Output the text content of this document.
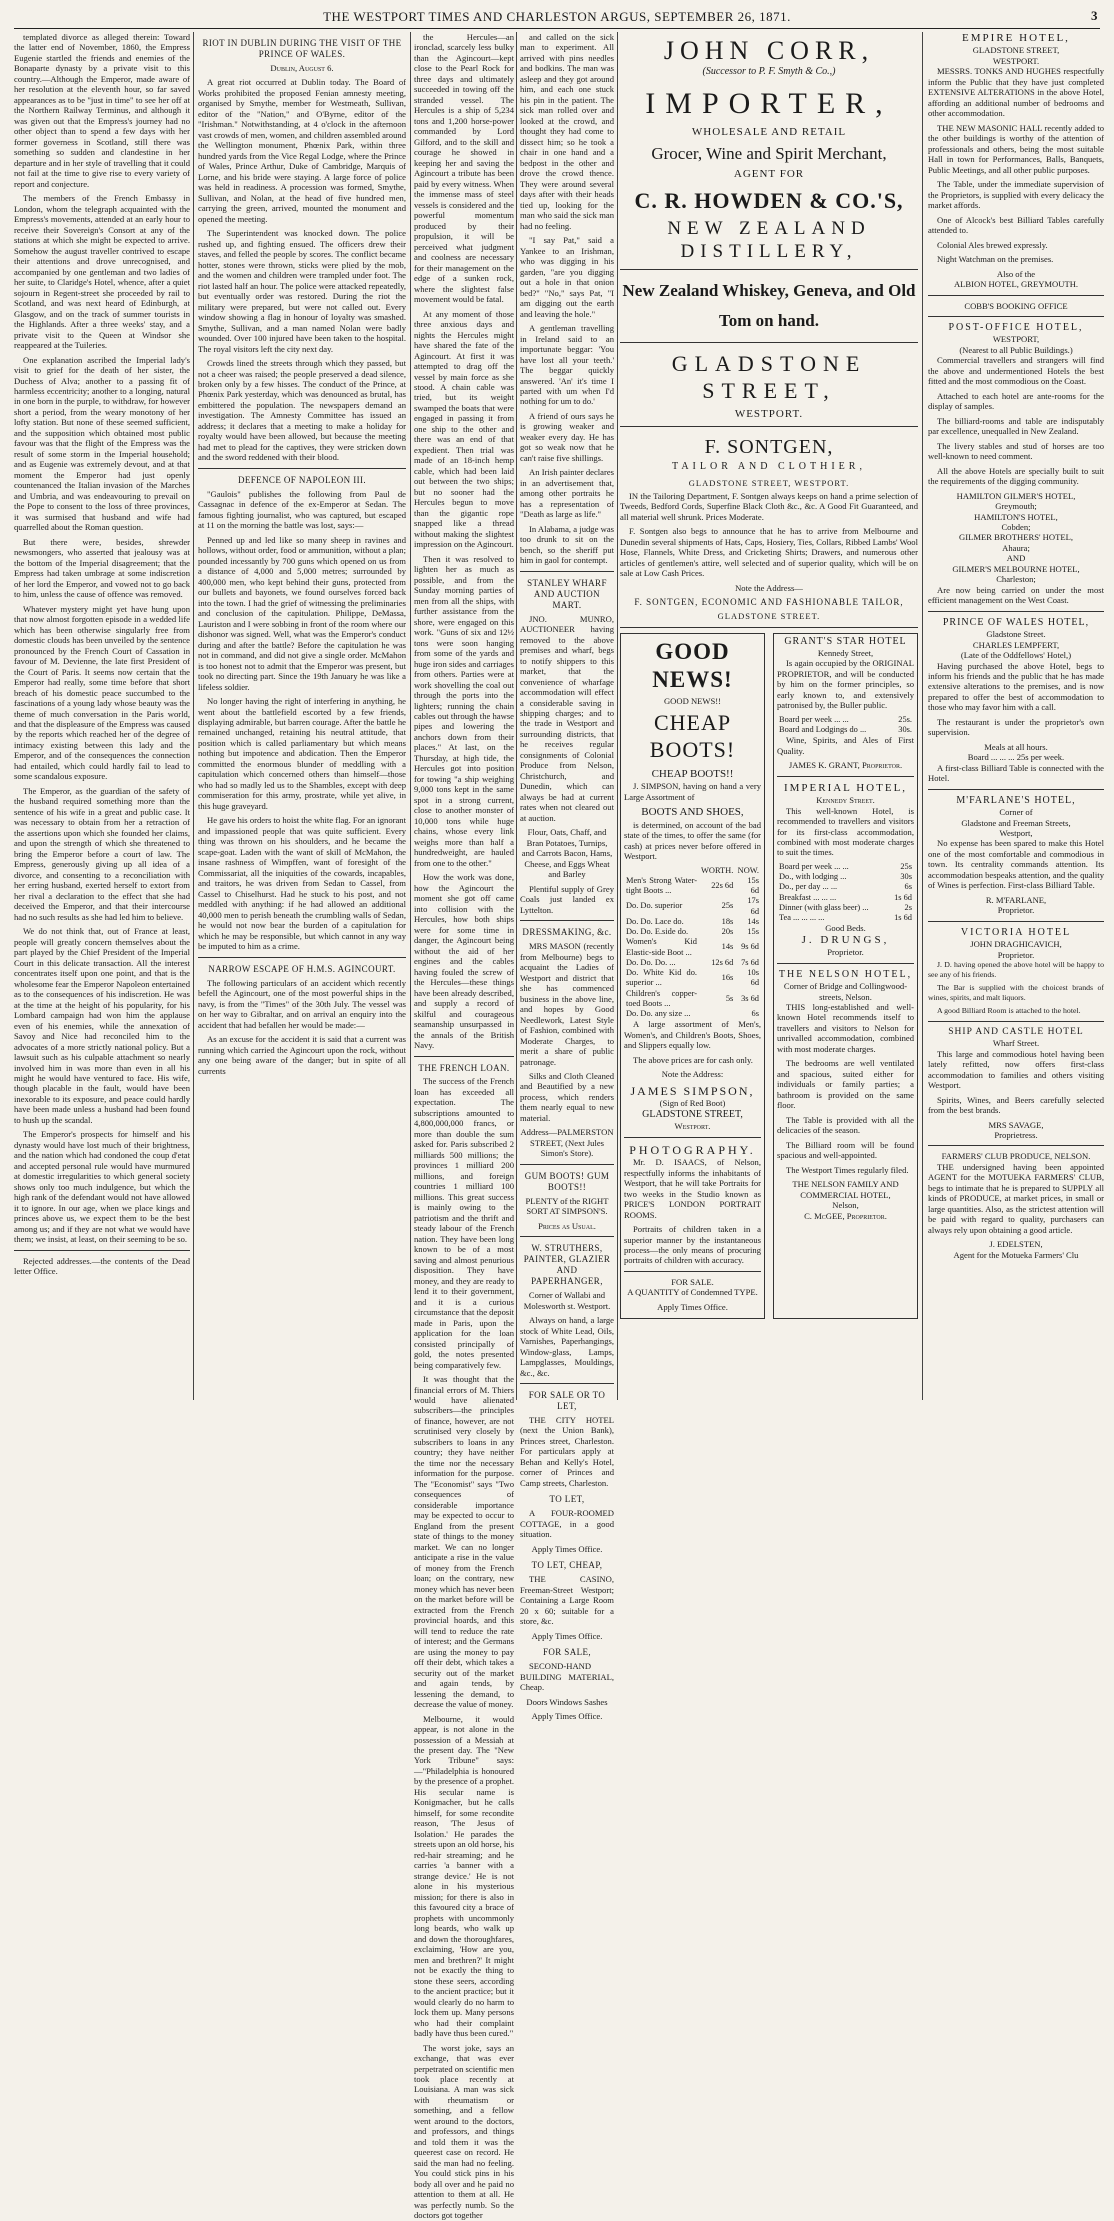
THE WESTPORT TIMES AND CHARLESTON ARGUS, SEPTEMBER 26, 1871.	3

templated divorce as alleged therein: Toward the latter end of November, 1860, the Empress Eugenie startled the friends and enemies of the Bonaparte dynasty by a private visit to this country.—Although the Emperor, made aware of her resolution at the eleventh hour, so far saved appearances as to be "just in time" to see her off at the Northern Railway Terminus, and although it was given out that the Empress's journey had no other object than to spend a few days with her former governess in Scotland, still there was something so sudden and clandestine in her departure and in her style of travelling that it could not fail at the time to give rise to every variety of report and conjecture.

The members of the French Embassy in London, whom the telegraph acquainted with the Empress's movements, attended at an early hour to receive their Sovereign's Consort at any of the stations at which she might be expected to arrive. Somehow the august traveller contrived to escape their attentions and drove unrecognised, and accompanied by one gentleman and two ladies of her suite, to Claridge's Hotel, whence, after a quiet sojourn in Regent-street she proceeded by rail to Scotland, and was next heard of Edinburgh, at Glasgow, and on the track of summer tourists in the Highlands. After a three weeks' stay, and a private visit to the Queen at Windsor she reappeared at the Tuileries.

One explanation ascribed the Imperial lady's visit to grief for the death of her sister, the Duchess of Alva; another to a passing fit of harmless eccentricity; another to a longing, natural in one born in the purple, to withdraw, for however short a period, from the weary monotony of her lofty station. But none of these seemed sufficient, and the supposition which obtained most public favour was that the flight of the Empress was the result of some storm in the Imperial household; and as Eugenie was extremely devout, and at that moment the Emperor had just openly countenanced the Italian invasion of the Marches and Umbria, and was endeavouring to prevail on the Pope to consent to the loss of three provinces, it was surmised that husband and wife had quarrelled about the Roman question.

But there were, besides, shrewder newsmongers, who asserted that jealousy was at the bottom of the Imperial disagreement; that the Empress had taken umbrage at some indiscretion of her lord the Emperor, and vowed not to go back to him, unless the cause of offence was removed.

Whatever mystery might yet have hung upon that now almost forgotten episode in a wedded life which has been otherwise singularly free from domestic clouds has been unveiled by the sentence pronounced by the French Court of Cassation in favour of M. Devienne, the late first President of the Court of Paris. It seems now certain that the Emperor had really, some time before that short breach of his domestic peace succumbed to the fascinations of a young lady whose beauty was the theme of much conversation in the Paris world, and that the displeasure of the Empress was caused by the reports which reached her of the degree of intimacy existing between this lady and the Emperor, and of the consequences the connection had entailed, which could hardly fail to lead to some scandalous exposure.

The Emperor, as the guardian of the safety of the husband required something more than the sentence of his wife in a great and public case. It was necessary to obtain from her a retraction of the assertions upon which she founded her claims, and upon the strength of which she threatened to bring the Emperor before a court of law. The Empress, generously giving up all idea of a divorce, and consenting to a reconciliation with her erring husband, exerted herself to extort from her rival a declaration to the effect that she had deceived the Emperor, and that their intercourse had no such results as she had led him to believe.

We do not think that, out of France at least, people will greatly concern themselves about the part played by the Chief President of the Imperial Court in this delicate transaction. All the interest concentrates itself upon one point, and that is the wholesome fear the Emperor Napoleon entertained as to the consequences of his indiscretion. He was at the time at the height of his popularity, for his Lombard campaign had won him the applause even of his enemies, while the annexation of Savoy and Nice had reconciled him to the advocates of a more strictly national policy. But a lawsuit such as his culpable attachment so nearly involved him in was more than even in all his might he would have ventured to face. His wife, though placable in the fault, would have been inexorable to its exposure, and peace could hardly have been made unless a husband had been found to hush up the scandal.

The Emperor's prospects for himself and his dynasty would have lost much of their brightness, and the nation which had condoned the coup d'etat and accepted personal rule would have murmured at domestic irregularities to which general society shows only too much indulgence, but which the high rank of the defendant would not have allowed it to ignore. In our age, when we place kings and princes above us, we expect them to be the best among us; and if they are not what we would have them; we insist, at least, on their seeming to be so.

Rejected addresses.—the contents of the Dead letter Office.

RIOT IN DUBLIN DURING THE VISIT OF THE PRINCE OF WALES.

Dublin, August 6.

A great riot occurred at Dublin today. The Board of Works prohibited the proposed Fenian amnesty meeting, organised by Smythe, member for Westmeath, Sullivan, editor of the "Nation," and O'Byrne, editor of the "Irishman." Notwithstanding, at 4 o'clock in the afternoon vast crowds of men, women, and children assembled around the Wellington monument, Phœnix Park, within three hundred yards from the Vice Regal Lodge, where the Prince of Wales, Prince Arthur, Duke of Cambridge, Marquis of Lorne, and his bride were staying. A large force of police was held in readiness. A procession was formed, Smythe, Sullivan, and Nolan, at the head of five hundred men, carrying the green, arrived, mounted the monument and opened the meeting.

The Superintendent was knocked down. The police rushed up, and fighting ensued. The officers drew their staves, and felled the people by scores. The conflict became hotter, stones were thrown, sticks were plied by the mob, and the women and children were trampled under foot. The riot lasted half an hour. The police were attacked repeatedly, but eventually order was restored. During the riot the military were prepared, but were not called out. Every window showing a flag in honour of loyalty was smashed. Smythe, Sullivan, and a man named Nolan were badly wounded. Over 100 injured have been taken to the hospital. The royal visitors left the city next day.

Crowds lined the streets through which they passed, but not a cheer was raised; the people preserved a dead silence, broken only by a few hisses. The conduct of the Prince, at Phœnix Park yesterday, which was denounced as brutal, has embittered the population. The newspapers demand an investigation. The Amnesty Committee has issued an address; it declares that a meeting to make a holiday for royalty would have been allowed, but because the meeting had met to plead for the captives, they were stricken down and the sword reddened with their blood.

DEFENCE OF NAPOLEON III.

"Gaulois" publishes the following from Paul de Cassagnac in defence of the ex-Emperor at Sedan. The famous fighting journalist, who was captured, but escaped at 11 on the morning the battle was lost, says:—

Penned up and led like so many sheep in ravines and hollows, without order, food or ammunition, without a plan; pounded incessantly by 700 guns which opened on us from a distance of 4,000 and 5,000 metres; surrounded by 400,000 men, who kept behind their guns, protected from our bullets and bayonets, we found ourselves forced back into the town. I had the grief of witnessing the preliminaries and conclusion of the capitulation. Philippe, DeMassa, Lauriston and I were sobbing in front of the room where our dishonor was signed. Well, what was the Emperor's conduct during and after the battle? Before the capitulation he was not in command, and did not give a single order. McMahon is too honest not to admit that the Emperor was present, but took no directing part. Since the 19th January he was like a lifeless soldier.

No longer having the right of interfering in anything, he went about the battlefield escorted by a few friends, displaying admirable, but barren courage. After the battle he remained unchanged, retaining his neutral attitude, that position which is called parliamentary but which means nothing but impotence and abdication. Then the Emperor committed the enormous blunder of meddling with a capitulation which concerned others than himself—those who had so madly led us to the Shambles, except with deep commiseration for this army, prostrate, while yet alive, in this huge graveyard.

He gave his orders to hoist the white flag. For an ignorant and impassioned people that was quite sufficient. Every thing was thrown on his shoulders, and he became the scape-goat. Laden with the want of skill of McMahon, the insane rashness of Wimpffen, want of foresight of the Commissariat, all the iniquities of the cowards, incapables, and traitors, he was driven from Sedan to Cassel, from Cassel to Chiselhurst. Had he stuck to his post, and not meddled with anything: if he had allowed an additional 40,000 men to perish beneath the crumbling walls of Sedan, he would not now bear the burden of a capitulation for which he may be responsible, but which cannot in any way be imputed to him as a crime.

NARROW ESCAPE OF H.M.S. AGINCOURT.

The following particulars of an accident which recently befell the Agincourt, one of the most powerful ships in the navy, is from the "Times" of the 30th July. The vessel was on her way to Gibraltar, and on arrival an enquiry into the accident that had befallen her would be made:—

As an excuse for the accident it is said that a current was running which carried the Agincourt upon the rock, without any one being aware of the danger; but in spite of all currents

the Hercules—an ironclad, scarcely less bulky than the Agincourt—kept close to the Pearl Rock for three days and ultimately succeeded in towing off the stranded vessel. The Hercules is a ship of 5,234 tons and 1,200 horse-power commanded by Lord Gilford, and to the skill and courage he showed in keeping her and saving the Agincourt a tribute has been paid by every witness. When the immense mass of steel vessels is considered and the powerful momentum produced by their propulsion, it will be perceived what judgment and coolness are necessary for their management on the edge of a sunken rock, where the slightest false movement would be fatal.

At any moment of those three anxious days and nights the Hercules might have shared the fate of the Agincourt. At first it was attempted to drag off the vessel by main force as she stood. A chain cable was tried, but its weight swamped the boats that were engaged in passing it from one ship to the other and there was an end of that expedient. Then trial was made of an 18-inch hemp cable, which had been laid out between the two ships; but no sooner had the Hercules begun to move than the gigantic rope snapped like a thread without making the slightest impression on the Agincourt.

Then it was resolved to lighten her as much as possible, and from the Sunday morning parties of men from all the ships, with further assistance from the shore, were engaged on this work. "Guns of six and 12½ tons were soon hanging from some of the yards and huge iron sides and carriages from others. Parties were at work shovelling the coal out through the ports into the lighters; running the chain cables out through the hawse pipes and lowering the anchors down from their places." At last, on the Thursday, at high tide, the Hercules got into position for towing "a ship weighing 9,000 tons kept in the same spot in a strong current, close to another monster of 10,000 tons while huge chains, whose every link weighs more than half a hundredweight, are hauled from one to the other."

How the work was done, how the Agincourt the moment she got off came into collision with the Hercules, how both ships were for some time in danger, the Agincourt being without the aid of her engines and the cables having fouled the screw of the Hercules—these things have been already described, and supply a record of skilful and courageous seamanship unsurpassed in the annals of the British Navy.

THE FRENCH LOAN.

The success of the French loan has exceeded all expectation. The subscriptions amounted to 4,800,000,000 francs, or more than double the sum asked for. Paris subscribed 2 milliards 500 millions; the provinces 1 milliard 200 millions, and foreign countries 1 milliard 100 millions. This great success is mainly owing to the patriotism and the thrift and steady labour of the French nation. They have been long known to be of a most saving and almost penurious disposition. They have money, and they are ready to lend it to their government, and it is a curious circumstance that the deposit made in Paris, upon the application for the loan consisted principally of gold, the notes presented being comparatively few.

It was thought that the financial errors of M. Thiers would have alienated subscribers—the principles of finance, however, are not scrutinised very closely by subscribers to loans in any country; they have neither the time nor the necessary information for the purpose. The "Economist" says "Two consequences of considerable importance may be expected to occur to England from the present state of things to the money market. We can no longer anticipate a rise in the value of money from the French loan; on the contrary, new money which has never been on the market before will be extracted from the French provincial hoards, and this will tend to reduce the rate of interest; and the Germans are using the money to pay off their debt, which takes a security out of the market and again tends, by lessening the demand, to decrease the value of money.

Melbourne, it would appear, is not alone in the possession of a Messiah at the present day. The "New York Tribune" says:—"Philadelphia is honoured by the presence of a prophet. His secular name is Konigmacher, but he calls himself, for some recondite reason, 'The Jesus of Isolation.' He parades the streets upon an old horse, his red-hair streaming; and he carries 'a banner with a strange device.' He is not alone in his mysterious mission; for there is also in this favoured city a brace of prophets with uncommonly long beards, who walk up and down the thoroughfares, exclaiming, 'How are you, men and brethren?' It might not be exactly the thing to stone these seers, according to the ancient practice; but it would clearly do no harm to lock them up. Many persons who had their complaint badly have thus been cured."

The worst joke, says an exchange, that was ever perpetrated on scientific men took place recently at Louisiana. A man was sick with rheumatism or something, and a fellow went around to the doctors, and professors, and things and told them it was the queerest case on record. He said the man had no feeling. You could stick pins in his body all over and he paid no attention to them at all. He was perfectly numb. So the doctors got together

and called on the sick man to experiment. All arrived with pins needles and bodkins. The man was asleep and they got around him, and each one stuck his pin in the patient. The sick man rolled over and looked at the crowd, and thought they had come to dissect him; so he took a chair in one hand and a bedpost in the other and drove the crowd thence. They were around several days after with their heads tied up, looking for the man who said the sick man had no feeling.

"I say Pat," said a Yankee to an Irishman, who was digging in his garden, "are you digging out a hole in that onion bed?" "No," says Pat, "I am digging out the earth and leaving the hole."

A gentleman travelling in Ireland said to an importunate beggar: 'You have lost all your teeth.' The beggar quickly answered. 'An' it's time I parted with um when I'd nothing for um to do.'

A friend of ours says he is growing weaker and weaker every day. He has got so weak now that he can't raise five shillings.

An Irish painter declares in an advertisement that, among other portraits he has a representation of "Death as large as life."

In Alabama, a judge was too drunk to sit on the bench, so the sheriff put him in gaol for contempt.

STANLEY WHARF AND AUCTION MART.

JNO. MUNRO, AUCTIONEER having removed to the above premises and wharf, begs to notify shippers to this market, that the convenience of wharfage accommodation will effect a considerable saving in shipping charges; and to the trade in Westport and surrounding districts, that he receives regular consignments of Colonial Produce from Nelson, Christchurch, and Dunedin, which can always be had at current rates when not cleared out at auction.

Flour, Oats, Chaff, and Bran Potatoes, Turnips, and Carrots Bacon, Hams, Cheese, and Eggs Wheat and Barley

Plentiful supply of Grey Coals just landed ex Lyttelton.

DRESSMAKING, &c.

MRS MASON (recently from Melbourne) begs to acquaint the Ladies of Westport and district that she has commenced business in the above line, and hopes by Good Needlework, Latest Style of Fashion, combined with Moderate Charges, to merit a share of public patronage.

Silks and Cloth Cleaned and Beautified by a new process, which renders them nearly equal to new material.

Address—PALMERSTON STREET, (Next Jules Simon's Store).

GUM BOOTS! GUM BOOTS!!

PLENTY of the RIGHT SORT AT SIMPSON'S.

Prices as Usual.

W. STRUTHERS, PAINTER, GLAZIER AND PAPERHANGER,

Corner of Wallabi and Molesworth st. Westport.

Always on hand, a large stock of White Lead, Oils, Varnishes, Paperhangings, Window-glass, Lamps, Lampglasses, Mouldings, &c., &c.

FOR SALE OR TO LET,

THE CITY HOTEL (next the Union Bank), Princes street, Charleston. For particulars apply at Behan and Kelly's Hotel, corner of Princes and Camp streets, Charleston.

TO LET,

A FOUR-ROOMED COTTAGE, in a good situation.

Apply Times Office.

TO LET, CHEAP,

THE CASINO, Freeman-Street Westport; Containing a Large Room 20 x 60; suitable for a store, &c.

Apply Times Office.

FOR SALE,

SECOND-HAND BUILDING MATERIAL, Cheap.

Doors Windows Sashes

Apply Times Office.

JOHN CORR,
(Successor to P. F. Smyth & Co.,)
IMPORTER,
WHOLESALE AND RETAIL
Grocer, Wine and Spirit Merchant,
AGENT FOR
C. R. HOWDEN & CO.'S,
NEW ZEALAND DISTILLERY,
New Zealand Whiskey, Geneva, and Old Tom on hand.
GLADSTONE STREET,
WESTPORT.
F. SONTGEN,
TAILOR AND CLOTHIER,
GLADSTONE STREET, WESTPORT.

IN the Tailoring Department, F. Sontgen always keeps on hand a prime selection of Tweeds, Bedford Cords, Superfine Black Cloth &c., &c. A Good Fit Guaranteed, and all material well shrunk. Prices Moderate.

F. Sontgen also begs to announce that he has to arrive from Melbourne and Dunedin several shipments of Hats, Caps, Hosiery, Ties, Collars, Ribbed Lambs' Wool Hose, Flannels, White Dress, and Cricketing Shirts; Drawers, and numerous other articles of gentlemen's attire, well selected and of superior quality, which will be on sale at Low Cash Prices.

Note the Address—

F. SONTGEN, ECONOMIC AND FASHIONABLE TAILOR,
GLADSTONE STREET.
GOOD NEWS!
GOOD NEWS!!
CHEAP BOOTS!
CHEAP BOOTS!!

J. SIMPSON, having on hand a very Large Assortment of

BOOTS AND SHOES,

is determined, on account of the bad state of the times, to offer the same (for cash) at prices never before offered in Westport.

	WORTH.	NOW.
Men's Strong Water-tight Boots ...	22s 6d	15s 6d
Do. Do. superior	25s	17s 6d
Do. Do. Lace do.	18s	14s
Do. Do. E.side do.	20s	15s
Women's Kid Elastic-side Boot ...	14s	9s 6d
Do. Do. Do. ...	12s 6d	7s 6d
Do. White Kid do. superior ...	16s	10s 6d
Children's copper-toed Boots ...	5s	3s 6d
Do. Do. any size ...		6s

A large assortment of Men's, Women's, and Children's Boots, Shoes, and Slippers equally low.

The above prices are for cash only.

Note the Address:

JAMES SIMPSON,
(Sign of Red Boot)
GLADSTONE STREET,
Westport.
PHOTOGRAPHY.

Mr. D. ISAACS, of Nelson, respectfully informs the inhabitants of Westport, that he will take Portraits for two weeks in the Studio known as PRICE'S LONDON PORTRAIT ROOMS.

Portraits of children taken in a superior manner by the instantaneous process—the only means of procuring portraits of children with accuracy.

FOR SALE.

A QUANTITY of Condemned TYPE.

Apply Times Office.

GRANT'S STAR HOTEL
Kennedy Street,

Is again occupied by the ORIGINAL PROPRIETOR, and will be conducted by him on the former principles, so early known to, and extensively patronised by, the Buller public.

Board per week ... ...	25s.
Board and Lodgings do ...	30s.

Wine, Spirits, and Ales of First Quality.

JAMES K. GRANT, Proprietor.

IMPERIAL HOTEL,
Kennedy Street.

This well-known Hotel, is recommended to travellers and visitors for its first-class accommodation, combined with most moderate charges to suit the times.

Board per week ... ...	25s
Do., with lodging ...	30s
Do., per day ... ...	6s
Breakfast ... ... ...	1s 6d
Dinner (with glass beer) ...	2s
Tea ... ... ... ...	1s 6d
Good Beds.
J. DRUNGS,
Proprietor.
THE NELSON HOTEL,
Corner of Bridge and Collingwood-streets, Nelson.

THIS long-established and well-known Hotel recommends itself to travellers and visitors to Nelson for unrivalled accommodation, combined with most moderate charges.

The bedrooms are well ventilated and spacious, suited either for individuals or family parties; a bathroom is provided on the same floor.

The Table is provided with all the delicacies of the season.

The Billiard room will be found spacious and well-appointed.

The Westport Times regularly filed.

THE NELSON FAMILY AND COMMERCIAL HOTEL,
Nelson,
C. McGEE, Proprietor.
EMPIRE HOTEL,
GLADSTONE STREET,
WESTPORT.

MESSRS. TONKS AND HUGHES respectfully inform the Public that they have just completed EXTENSIVE ALTERATIONS in the above Hotel, affording an additional number of bedrooms and other accommodation.

THE NEW MASONIC HALL recently added to the other buildings is worthy of the attention of professionals and others, being the most suitable Hall in town for Performances, Balls, Banquets, Public Meetings, and all other public purposes.

The Table, under the immediate supervision of the Proprietors, is supplied with every delicacy the market affords.

One of Alcock's best Billiard Tables carefully attended to.

Colonial Ales brewed expressly.

Night Watchman on the premises.

Also of the
ALBION HOTEL, GREYMOUTH.
COBB'S BOOKING OFFICE
POST-OFFICE HOTEL,
WESTPORT,
(Nearest to all Public Buildings.)

Commercial travellers and strangers will find the above and undermentioned Hotels the best fitted and the most commodious on the Coast.

Attached to each hotel are ante-rooms for the display of samples.

The billiard-rooms and table are indisputably par excellence, unequalled in New Zealand.

The livery stables and stud of horses are too well-known to need comment.

All the above Hotels are specially built to suit the requirements of the digging community.

HAMILTON GILMER'S HOTEL,
Greymouth;
HAMILTON'S HOTEL,
Cobden;
GILMER BROTHERS' HOTEL,
Ahaura;
AND
GILMER'S MELBOURNE HOTEL,
Charleston;

Are now being carried on under the most efficient management on the West Coast.

PRINCE OF WALES HOTEL,
Gladstone Street.
CHARLES LEMPFERT,
(Late of the Oddfellows' Hotel,)

Having purchased the above Hotel, begs to inform his friends and the public that he has made extensive alterations to the premises, and is now prepared to offer the best of accommodation to those who may favor him with a call.

The restaurant is under the proprietor's own supervision.

Meals at all hours.
Board ... ... ... 25s per week.

A first-class Billiard Table is connected with the Hotel.

M'FARLANE'S HOTEL,
Corner of
Gladstone and Freeman Streets,
Westport,

No expense has been spared to make this Hotel one of the most comfortable and commodious in town. Its centrality commands attention. Its accommodation bespeaks attention, and the quality of Wines is perfection. First-class Billiard Table.

R. M'FARLANE,
Proprietor.
VICTORIA HOTEL
JOHN DRAGHICAVICH,
Proprietor.

J. D. having opened the above hotel will be happy to see any of his friends.

The Bar is supplied with the choicest brands of wines, spirits, and malt liquors.

A good Billiard Room is attached to the hotel.

SHIP AND CASTLE HOTEL
Wharf Street.

This large and commodious hotel having been lately refitted, now offers first-class accommodation to families and others visiting Westport.

Spirits, Wines, and Beers carefully selected from the best brands.

MRS SAVAGE,
Proprietress.
FARMERS' CLUB PRODUCE, NELSON.

THE undersigned having been appointed AGENT for the MOTUEKA FARMERS' CLUB, begs to intimate that he is prepared to SUPPLY all kinds of PRODUCE, at market prices, in small or large quantities. Also, as the strictest attention will be paid with regard to quality, purchasers can always rely upon obtaining a good article.

J. EDELSTEN,
Agent for the Motueka Farmers' Clu
